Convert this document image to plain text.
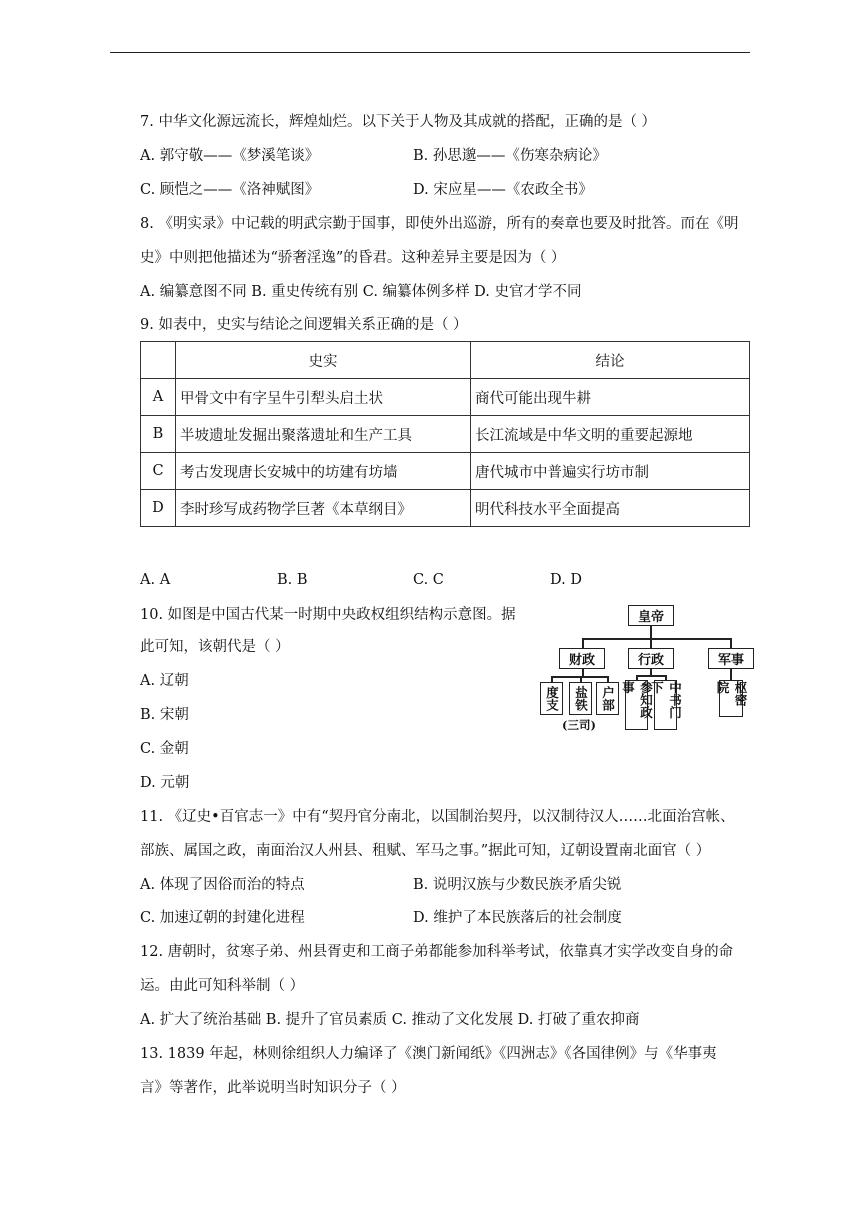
7. 中华文化源远流长，辉煌灿烂。以下关于人物及其成就的搭配，正确的是（ ）
A. 郭守敬——《梦溪笔谈》	B. 孙思邈——《伤寒杂病论》
C. 顾恺之——《洛神赋图》	D. 宋应星——《农政全书》
8. 《明实录》中记载的明武宗勤于国事，即使外出巡游，所有的奏章也要及时批答。而在《明
史》中则把他描述为“骄奢淫逸”的昏君。这种差异主要是因为（ ）
A. 编纂意图不同 B. 重史传统有别 C. 编纂体例多样 D. 史官才学不同
9. 如表中，史实与结论之间逻辑关系正确的是（ ）
	史实	结论
A	甲骨文中有字呈牛引犁头启土状	商代可能出现牛耕
B	半坡遗址发掘出聚落遗址和生产工具	长江流域是中华文明的重要起源地
C	考古发现唐长安城中的坊建有坊墙	唐代城市中普遍实行坊市制
D	李时珍写成药物学巨著《本草纲目》	明代科技水平全面提高
A. A	B. B	C. C	D. D
10. 如图是中国古代某一时期中央政权组织结构示意图。据
此可知，该朝代是（ ）
A. 辽朝
B. 宋朝
C. 金朝
D. 元朝
皇帝
财政	行政	军事
度支	盐铁 户部
(三司)
参知政事	中书门下	枢密院
11. 《辽史•百官志一》中有“契丹官分南北，以国制治契丹，以汉制待汉人……北面治宫帐、
部族、属国之政，南面治汉人州县、租赋、军马之事。”据此可知，辽朝设置南北面官（ ）
A. 体现了因俗而治的特点	B. 说明汉族与少数民族矛盾尖锐
C. 加速辽朝的封建化进程	D. 维护了本民族落后的社会制度
12. 唐朝时，贫寒子弟、州县胥吏和工商子弟都能参加科举考试，依靠真才实学改变自身的命
运。由此可知科举制（ ）
A. 扩大了统治基础 B. 提升了官员素质 C. 推动了文化发展 D. 打破了重农抑商
13. 1839 年起，林则徐组织人力编译了《澳门新闻纸》《四洲志》《各国律例》与《华事夷
言》等著作，此举说明当时知识分子（ ）
